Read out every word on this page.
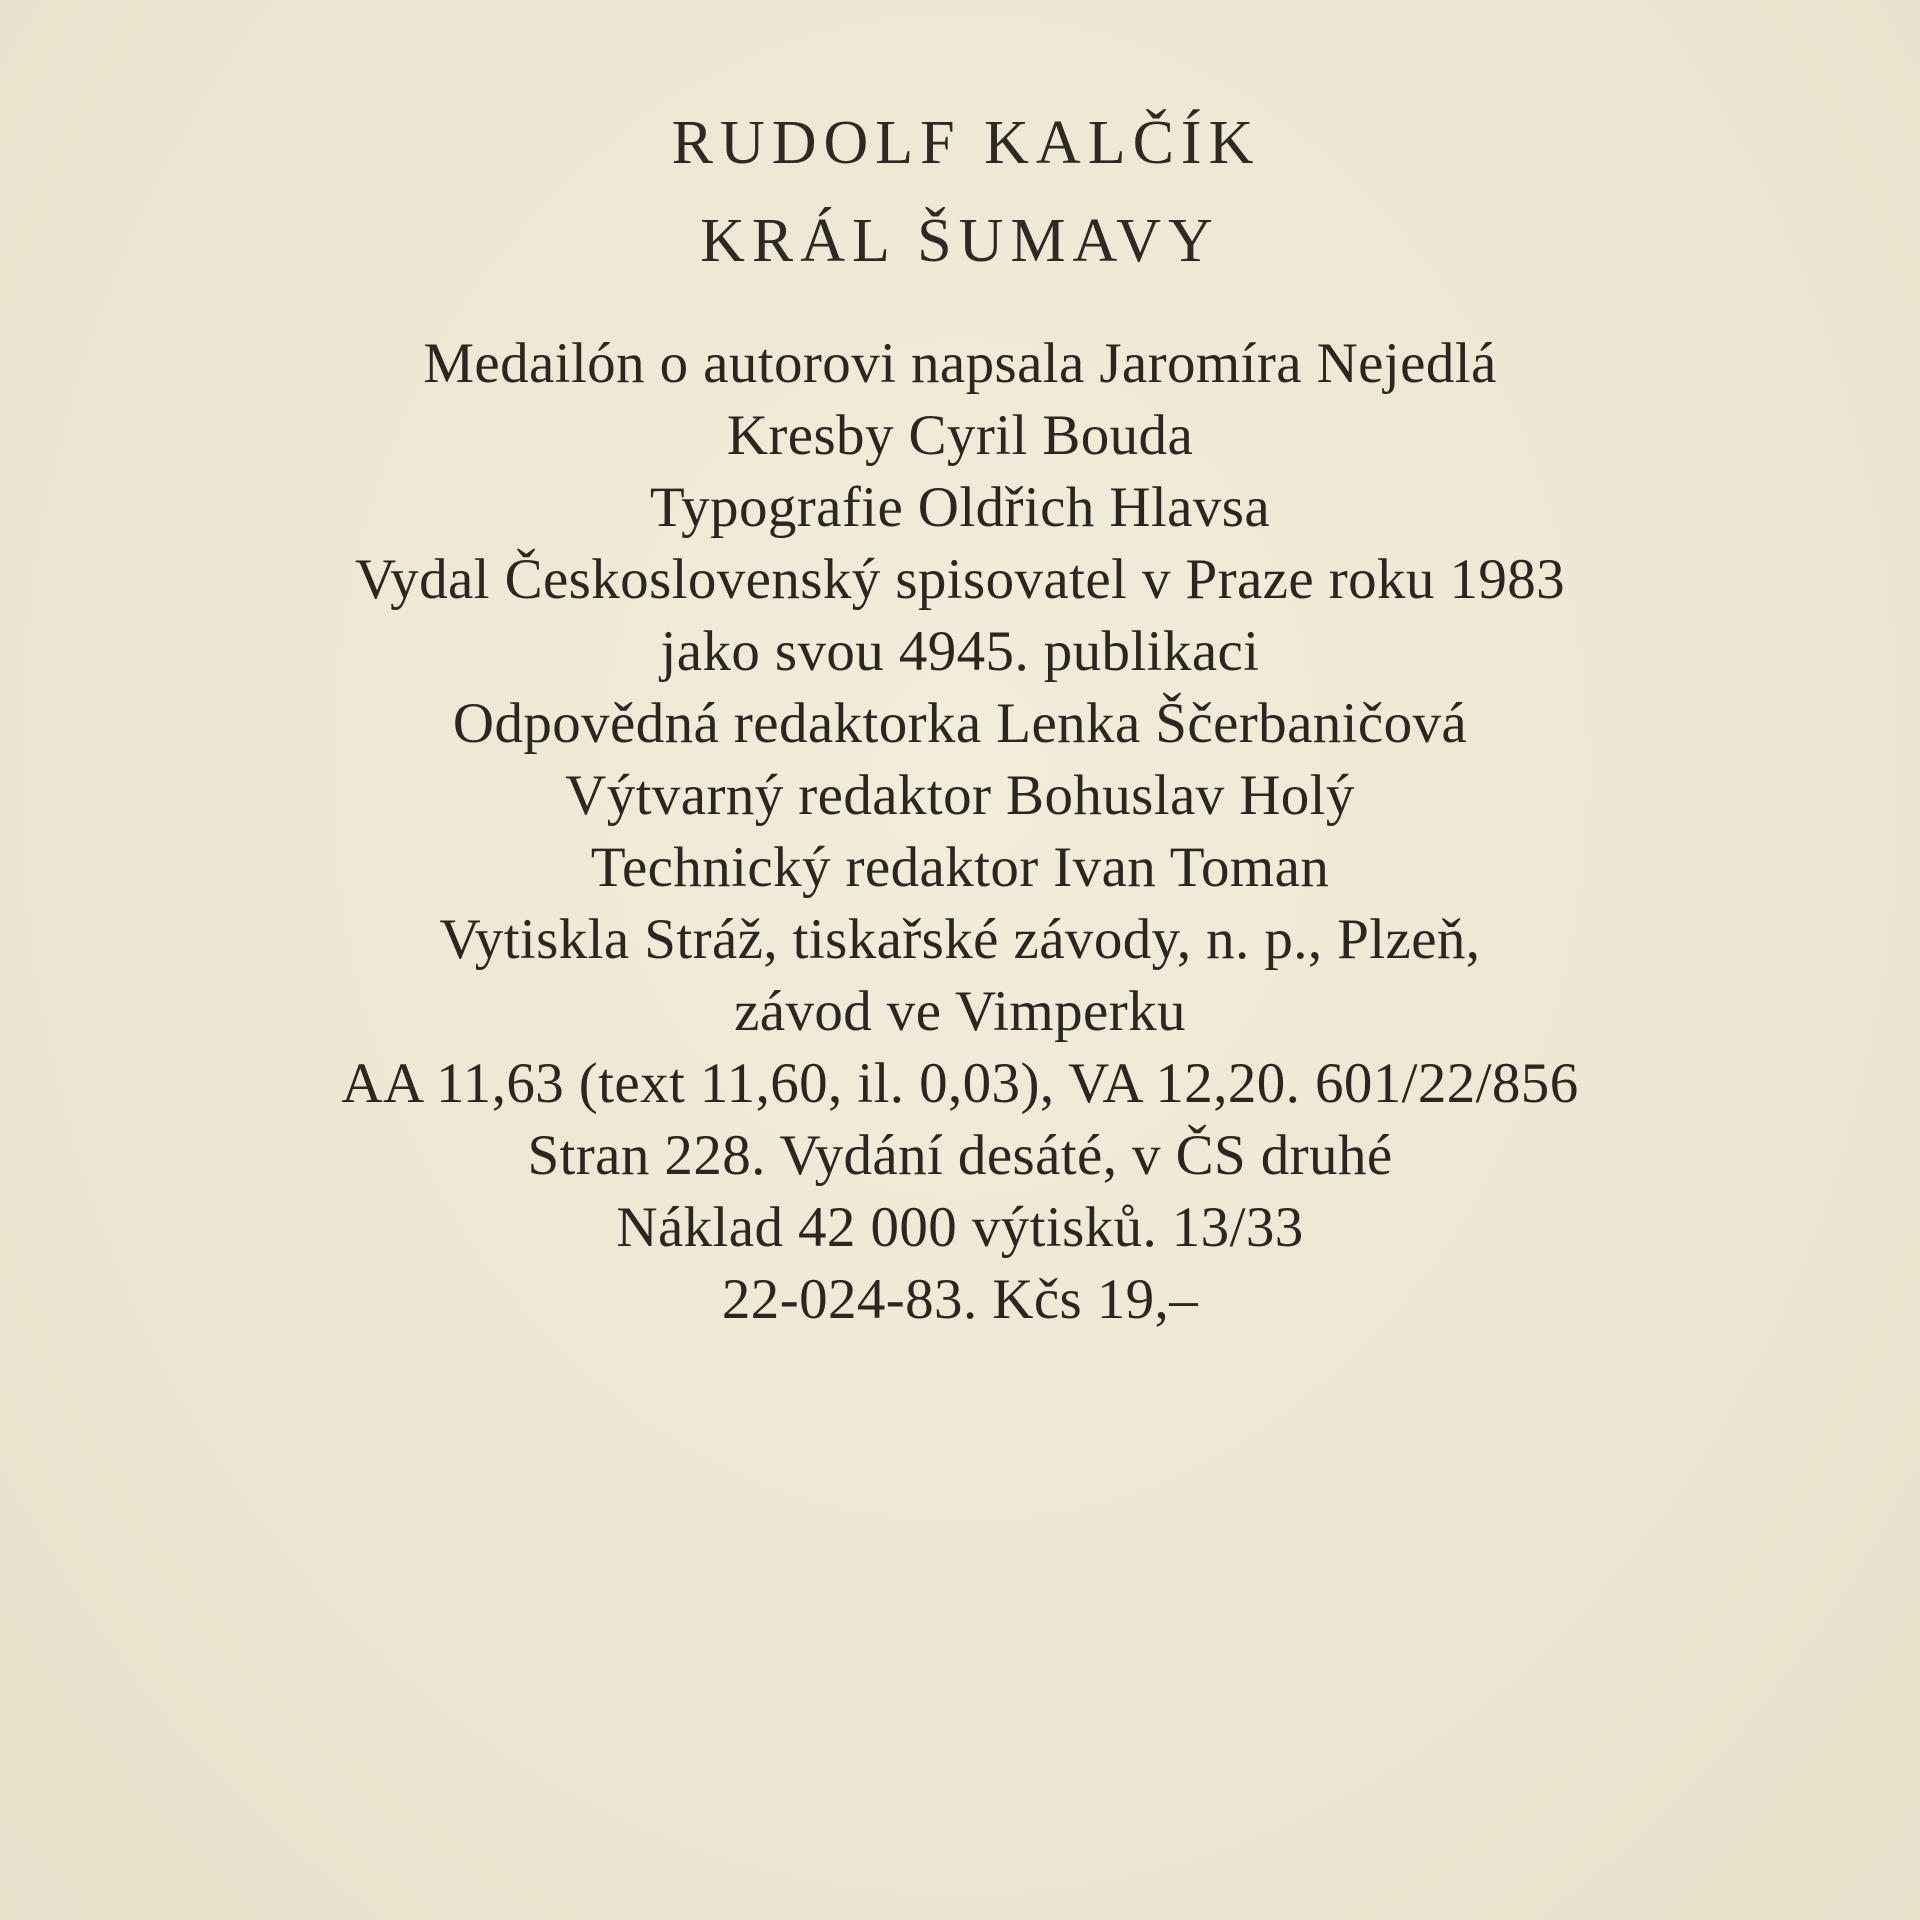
RUDOLF KALČÍK
KRÁL ŠUMAVY
Medailón o autorovi napsala Jaromíra Nejedlá
Kresby Cyril Bouda
Typografie Oldřich Hlavsa
Vydal Československý spisovatel v Praze roku 1983
jako svou 4945. publikaci
Odpovědná redaktorka Lenka Ščerbaničová
Výtvarný redaktor Bohuslav Holý
Technický redaktor Ivan Toman
Vytiskla Stráž, tiskařské závody, n. p., Plzeň,
závod ve Vimperku
AA 11,63 (text 11,60, il. 0,03), VA 12,20. 601/22/856
Stran 228. Vydání desáté, v ČS druhé
Náklad 42 000 výtisků. 13/33
22-024-83. Kčs 19,–
